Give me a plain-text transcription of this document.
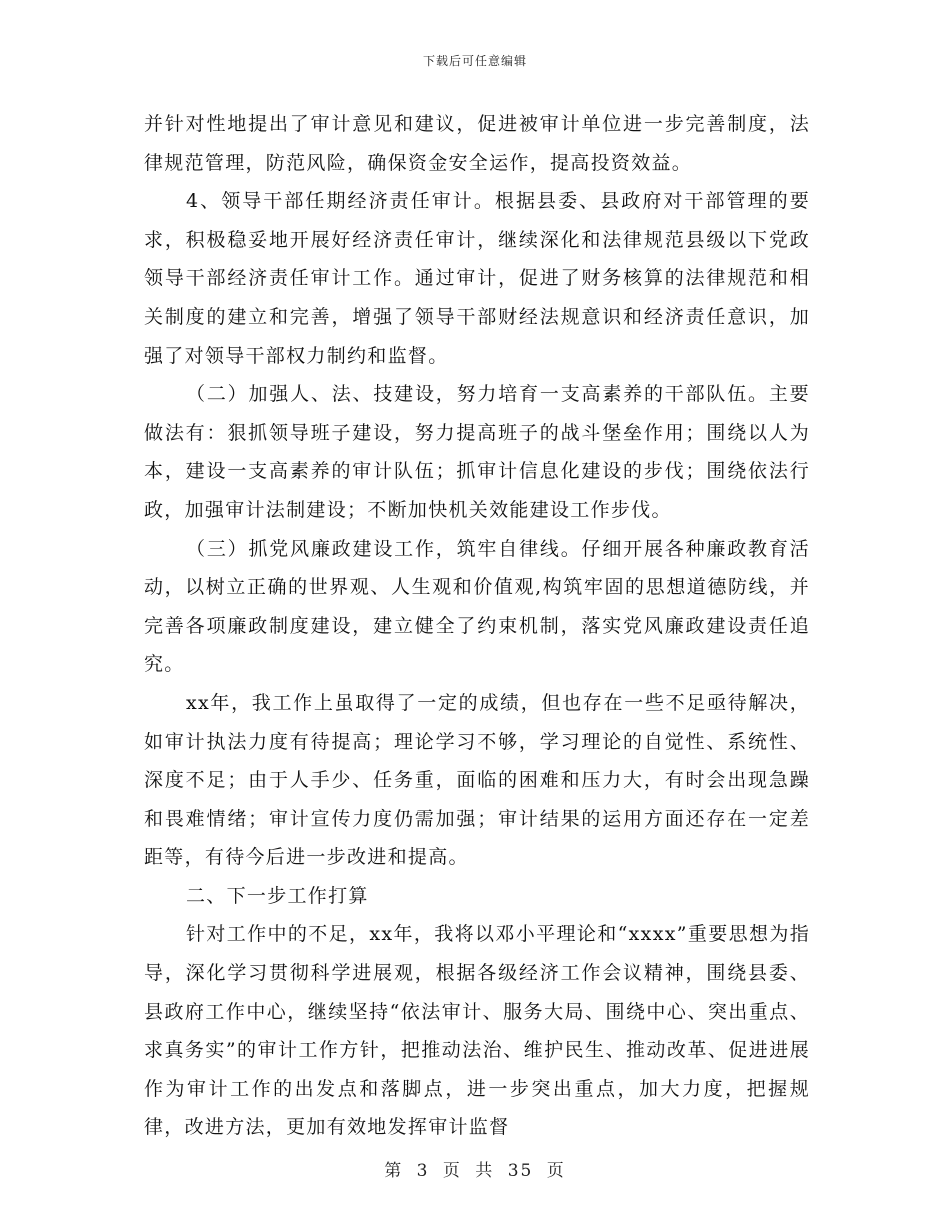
下载后可任意编辑

并针对性地提出了审计意见和建议，促进被审计单位进一步完善制度，法律规范管理，防范风险，确保资金安全运作，提高投资效益。

4、领导干部任期经济责任审计。根据县委、县政府对干部管理的要求，积极稳妥地开展好经济责任审计，继续深化和法律规范县级以下党政领导干部经济责任审计工作。通过审计，促进了财务核算的法律规范和相关制度的建立和完善，增强了领导干部财经法规意识和经济责任意识，加强了对领导干部权力制约和监督。

（二）加强人、法、技建设，努力培育一支高素养的干部队伍。主要做法有：狠抓领导班子建设，努力提高班子的战斗堡垒作用；围绕以人为本，建设一支高素养的审计队伍；抓审计信息化建设的步伐；围绕依法行政，加强审计法制建设；不断加快机关效能建设工作步伐。

（三）抓党风廉政建设工作，筑牢自律线。仔细开展各种廉政教育活动，以树立正确的世界观、人生观和价值观,构筑牢固的思想道德防线，并完善各项廉政制度建设，建立健全了约束机制，落实党风廉政建设责任追究。

xx年，我工作上虽取得了一定的成绩，但也存在一些不足亟待解决，如审计执法力度有待提高；理论学习不够，学习理论的自觉性、系统性、深度不足；由于人手少、任务重，面临的困难和压力大，有时会出现急躁和畏难情绪；审计宣传力度仍需加强；审计结果的运用方面还存在一定差距等，有待今后进一步改进和提高。

二、下一步工作打算

针对工作中的不足，xx年，我将以邓小平理论和“xxxx”重要思想为指导，深化学习贯彻科学进展观，根据各级经济工作会议精神，围绕县委、县政府工作中心，继续坚持“依法审计、服务大局、围绕中心、突出重点、求真务实”的审计工作方针，把推动法治、维护民生、推动改革、促进进展作为审计工作的出发点和落脚点，进一步突出重点，加大力度，把握规律，改进方法，更加有效地发挥审计监督

第 3 页 共 35 页
